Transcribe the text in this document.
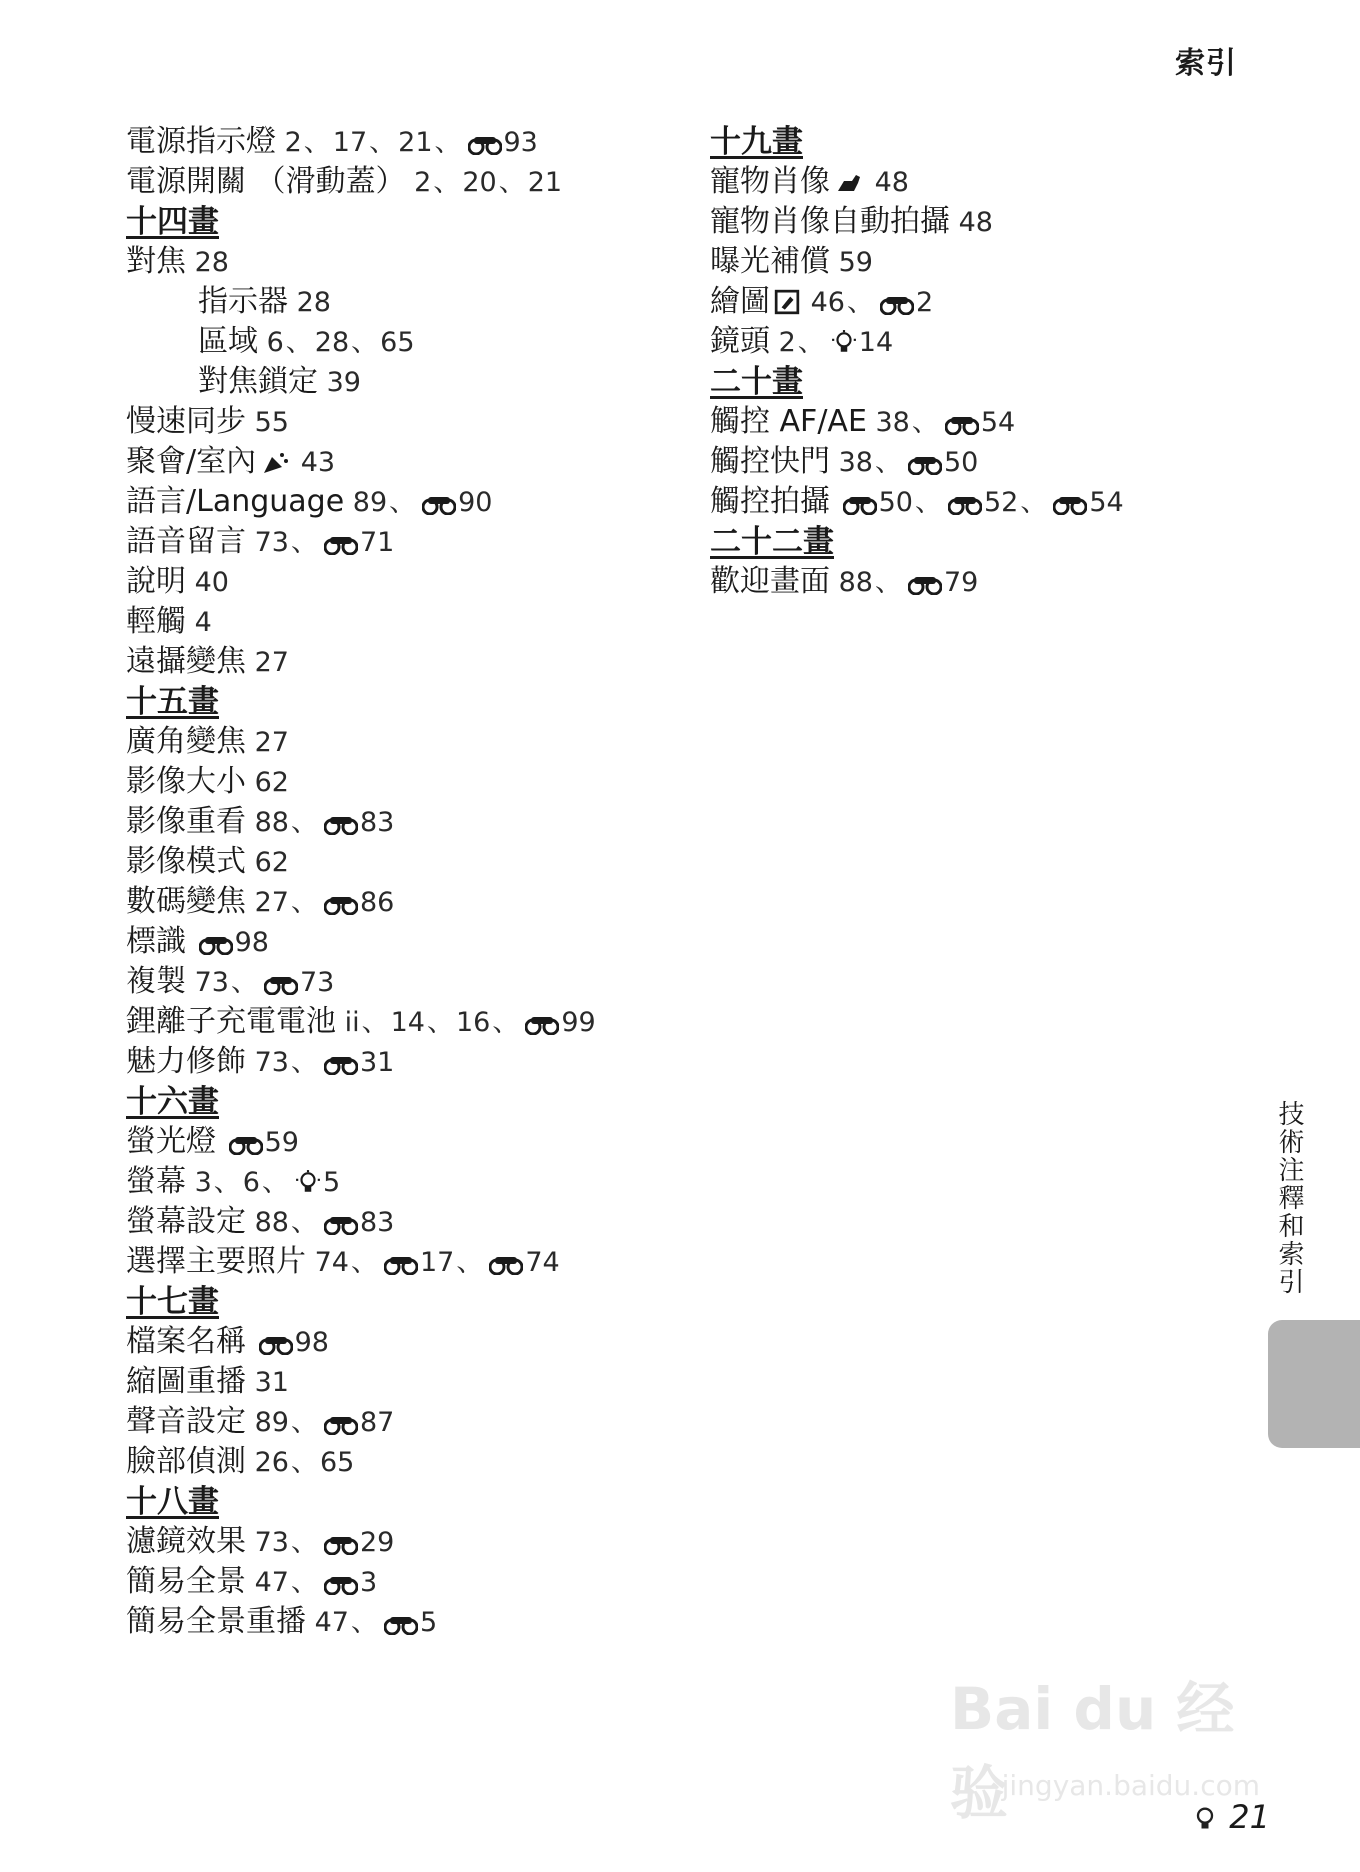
索引
電源指示燈 2、17、21、 93
電源開關 （滑動蓋） 2、20、21
十四畫
對焦 28
指示器 28
區域 6、28、65
對焦鎖定 39
慢速同步 55
聚會/室內 43
語言/Language 89、 90
語音留言 73、 71
說明 40
輕觸 4
遠攝變焦 27
十五畫
廣角變焦 27
影像大小 62
影像重看 88、 83
影像模式 62
數碼變焦 27、 86
標識 98
複製 73、 73
鋰離子充電電池 ii、14、16、 99
魅力修飾 73、 31
十六畫
螢光燈 59
螢幕 3、6、 5
螢幕設定 88、 83
選擇主要照片 74、 17、 74
十七畫
檔案名稱 98
縮圖重播 31
聲音設定 89、 87
臉部偵測 26、65
十八畫
濾鏡效果 73、 29
簡易全景 47、 3
簡易全景重播 47、 5
十九畫
寵物肖像 48
寵物肖像自動拍攝 48
曝光補償 59
繪圖 46、 2
鏡頭 2、 14
二十畫
觸控 AF/AE 38、 54
觸控快門 38、 50
觸控拍攝 50、 52、 54
二十二畫
歡迎畫面 88、 79
技術注釋和索引
Bai du 经验
jingyan.baidu.com
21
